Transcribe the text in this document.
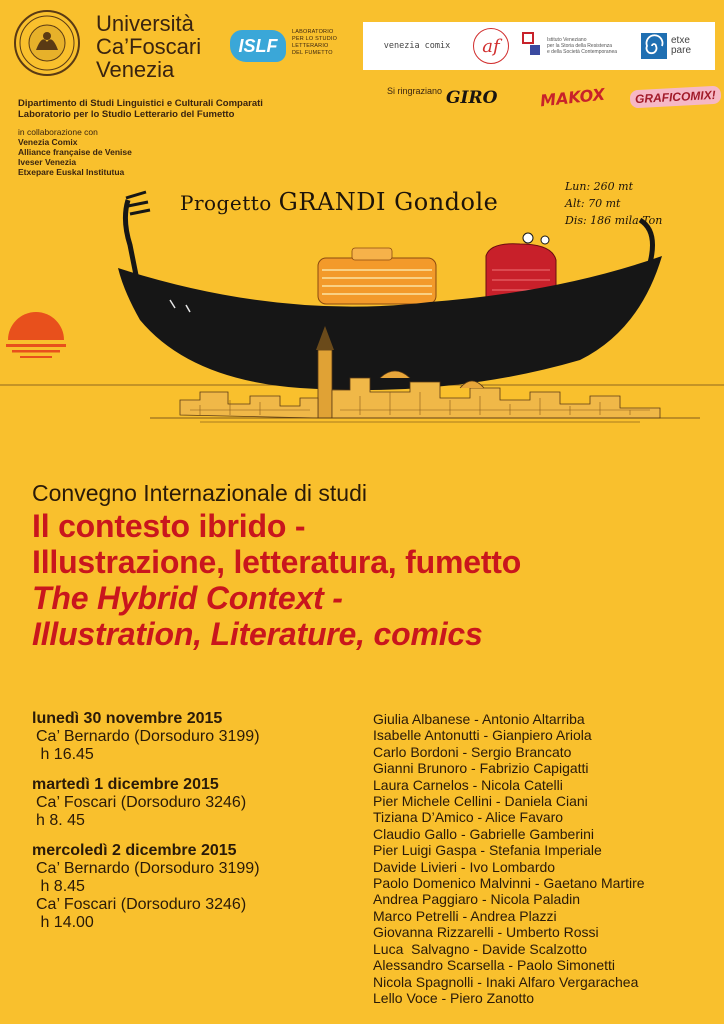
Università
Ca’Foscari
Venezia
Dipartimento di Studi Linguistici e Culturali Comparati
Laboratorio per lo Studio Letterario del Fumetto
in collaborazione con
Venezia Comix
Alliance française de Venise
Iveser Venezia
Etxepare Euskal Institutua
ISLF
LABORATORIO
PER LO STUDIO
LETTERARIO
DEL FUMETTO
venezia comix	af	Istituto Veneziano
per la Storia della Resistenza
e della Società Contemporanea
etxe
pare
Si ringraziano GIRO	MAKOX	GRAFICOMIX!
Progetto GRANDI Gondole
Lun: 260 mt
Alt: 70 mt
Dis: 186 mila Ton
Convegno Internazionale di studi
Il contesto ibrido -
Illustrazione, letteratura, fumetto
The Hybrid Context -
Illustration, Literature, comics
lunedì 30 novembre 2015
Ca’ Bernardo (Dorsoduro 3199)
h 16.45
martedì 1 dicembre 2015
Ca’ Foscari (Dorsoduro 3246)
h 8. 45
mercoledì 2 dicembre 2015
Ca’ Bernardo (Dorsoduro 3199)
h 8.45
Ca’ Foscari (Dorsoduro 3246)
h 14.00
Giulia Albanese - Antonio Altarriba
Isabelle Antonutti - Gianpiero Ariola
Carlo Bordoni - Sergio Brancato
Gianni Brunoro - Fabrizio Capigatti
Laura Carnelos - Nicola Catelli
Pier Michele Cellini - Daniela Ciani
Tiziana D’Amico - Alice Favaro
Claudio Gallo - Gabrielle Gamberini
Pier Luigi Gaspa - Stefania Imperiale
Davide Livieri - Ivo Lombardo
Paolo Domenico Malvinni - Gaetano Martire
Andrea Paggiaro - Nicola Paladin
Marco Petrelli - Andrea Plazzi
Giovanna Rizzarelli - Umberto Rossi
Luca  Salvagno - Davide Scalzotto
Alessandro Scarsella - Paolo Simonetti
Nicola Spagnolli - Inaki Alfaro Vergarachea
Lello Voce - Piero Zanotto
